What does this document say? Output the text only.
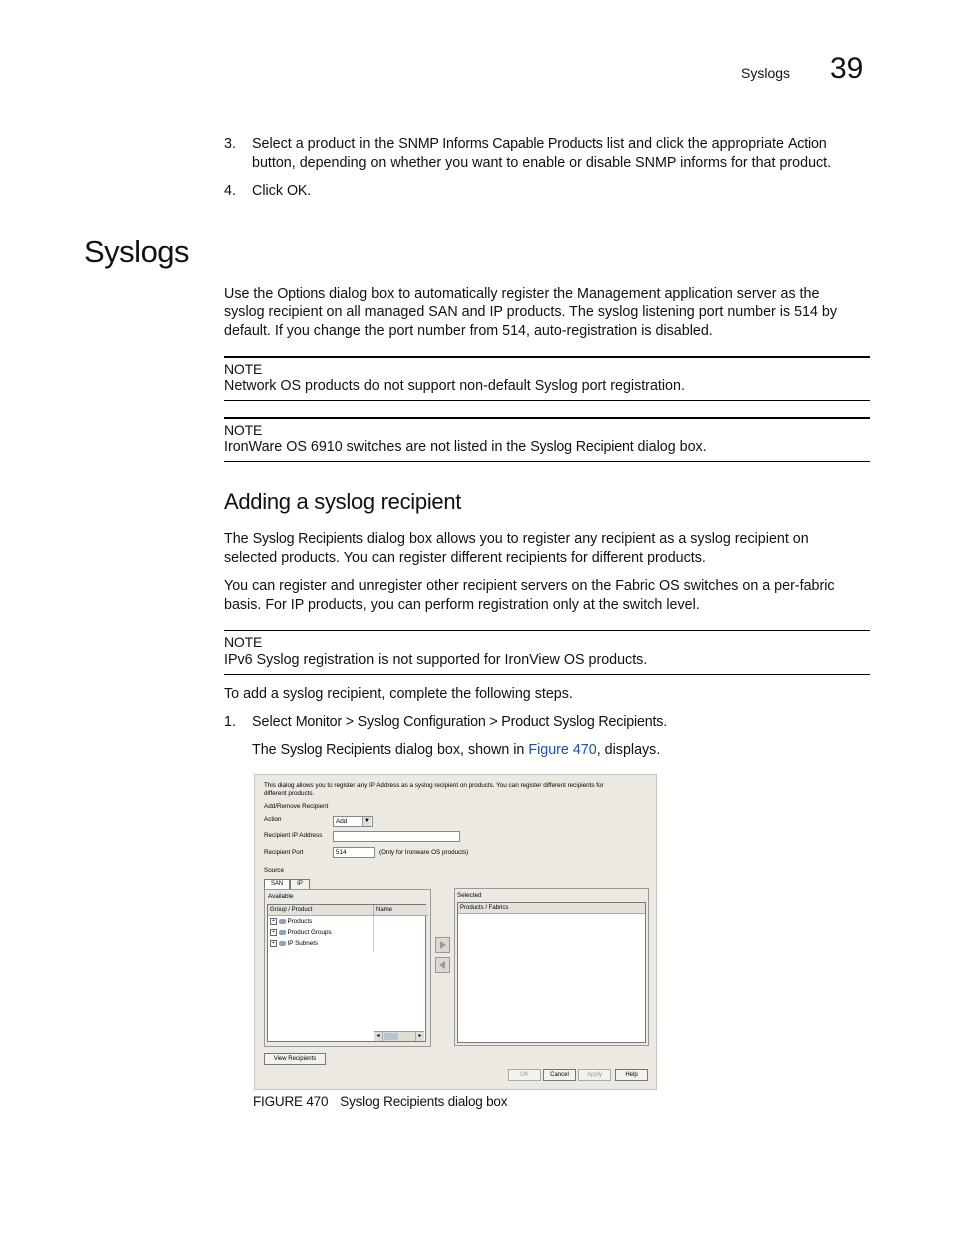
Syslogs 39
3. Select a product in the SNMP Informs Capable Products list and click the appropriate Action
button, depending on whether you want to enable or disable SNMP informs for that product.
4. Click OK.
Syslogs
Use the Options dialog box to automatically register the Management application server as the
syslog recipient on all managed SAN and IP products. The syslog listening port number is 514 by
default. If you change the port number from 514, auto-registration is disabled.
NOTE
Network OS products do not support non-default Syslog port registration.
NOTE
IronWare OS 6910 switches are not listed in the Syslog Recipient dialog box.
Adding a syslog recipient
The Syslog Recipients dialog box allows you to register any recipient as a syslog recipient on
selected products. You can register different recipients for different products.
You can register and unregister other recipient servers on the Fabric OS switches on a per-fabric
basis. For IP products, you can perform registration only at the switch level.
NOTE
IPv6 Syslog registration is not supported for IronView OS products.
To add a syslog recipient, complete the following steps.
1. Select Monitor > Syslog Configuration > Product Syslog Recipients.
The Syslog Recipients dialog box, shown in Figure 470, displays.
This dialog allows you to register any IP Address as a syslog recipient on products. You can register different recipients for
different products.
Add/Remove Recipient
Action	Add	▼
Recipient IP Address
Recipient Port	514	(Only for Ironware OS products)
Source
SAN	IP
Available
Group / Product	Name
+ Products
+ Product Groups
+ IP Subnets
◂	▸
Selected
Products / Fabrics
View Recipients
OK	Cancel	Apply	Help
FIGURE 470 Syslog Recipients dialog box
